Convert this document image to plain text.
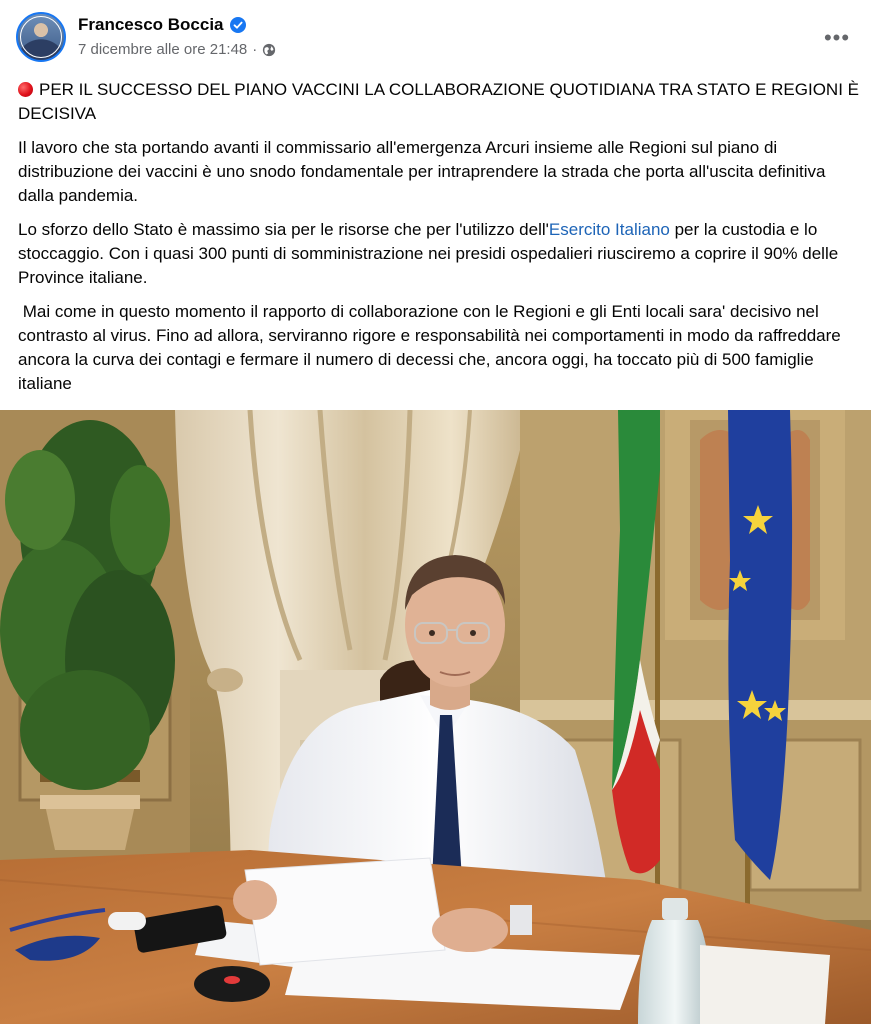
Francesco Boccia
7 dicembre alle ore 21:48 ·	•••

PER IL SUCCESSO DEL PIANO VACCINI LA COLLABORAZIONE QUOTIDIANA TRA STATO E REGIONI È DECISIVA

Il lavoro che sta portando avanti il commissario all'emergenza Arcuri insieme alle Regioni sul piano di distribuzione dei vaccini è uno snodo fondamentale per intraprendere la strada che porta all'uscita definitiva dalla pandemia.

Lo sforzo dello Stato è massimo sia per le risorse che per l'utilizzo dell'Esercito Italiano per la custodia e lo stoccaggio. Con i quasi 300 punti di somministrazione nei presidi ospedalieri riusciremo a coprire il 90% delle Province italiane.

Mai come in questo momento il rapporto di collaborazione con le Regioni e gli Enti locali sara' decisivo nel contrasto al virus. Fino ad allora, serviranno rigore e responsabilità nei comportamenti in modo da raffreddare ancora la curva dei contagi e fermare il numero di decessi che, ancora oggi, ha toccato più di 500 famiglie italiane
